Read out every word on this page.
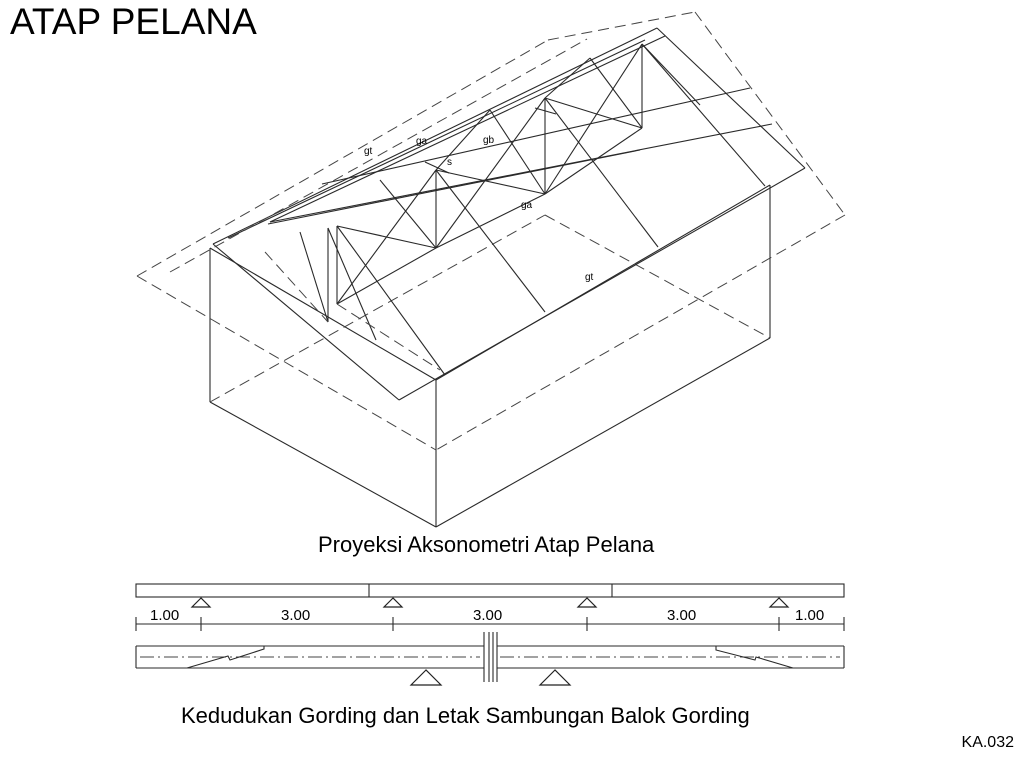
ATAP PELANA
gt
ga	gb
s
ga
gt
1.00	3.00	3.00	3.00	1.00
Proyeksi Aksonometri Atap Pelana
Kedudukan Gording dan Letak Sambungan Balok Gording
KA.032
